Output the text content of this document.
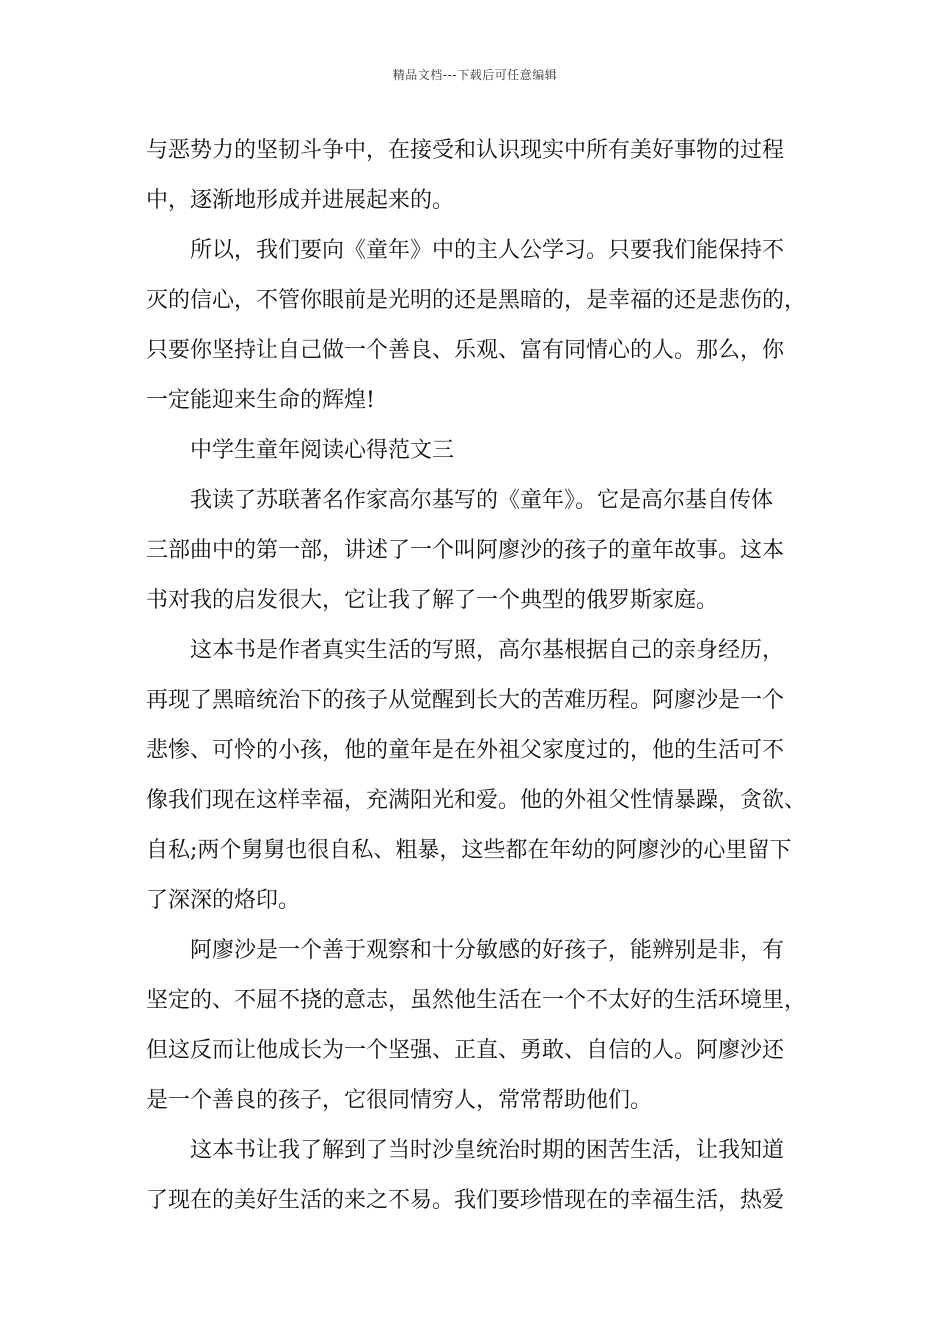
精品文档---下载后可任意编辑
与恶势力的坚韧斗争中，在接受和认识现实中所有美好事物的过程
中，逐渐地形成并进展起来的。
所以，我们要向《童年》中的主人公学习。只要我们能保持不
灭的信心，不管你眼前是光明的还是黑暗的，是幸福的还是悲伤的，
只要你坚持让自己做一个善良、乐观、富有同情心的人。那么，你
一定能迎来生命的辉煌!
中学生童年阅读心得范文三
我读了苏联著名作家高尔基写的《童年》。它是高尔基自传体
三部曲中的第一部，讲述了一个叫阿廖沙的孩子的童年故事。这本
书对我的启发很大，它让我了解了一个典型的俄罗斯家庭。
这本书是作者真实生活的写照，高尔基根据自己的亲身经历，
再现了黑暗统治下的孩子从觉醒到长大的苦难历程。阿廖沙是一个
悲惨、可怜的小孩，他的童年是在外祖父家度过的，他的生活可不
像我们现在这样幸福，充满阳光和爱。他的外祖父性情暴躁，贪欲、
自私;两个舅舅也很自私、粗暴，这些都在年幼的阿廖沙的心里留下
了深深的烙印。
阿廖沙是一个善于观察和十分敏感的好孩子，能辨别是非，有
坚定的、不屈不挠的意志，虽然他生活在一个不太好的生活环境里，
但这反而让他成长为一个坚强、正直、勇敢、自信的人。阿廖沙还
是一个善良的孩子，它很同情穷人，常常帮助他们。
这本书让我了解到了当时沙皇统治时期的困苦生活，让我知道
了现在的美好生活的来之不易。我们要珍惜现在的幸福生活，热爱
